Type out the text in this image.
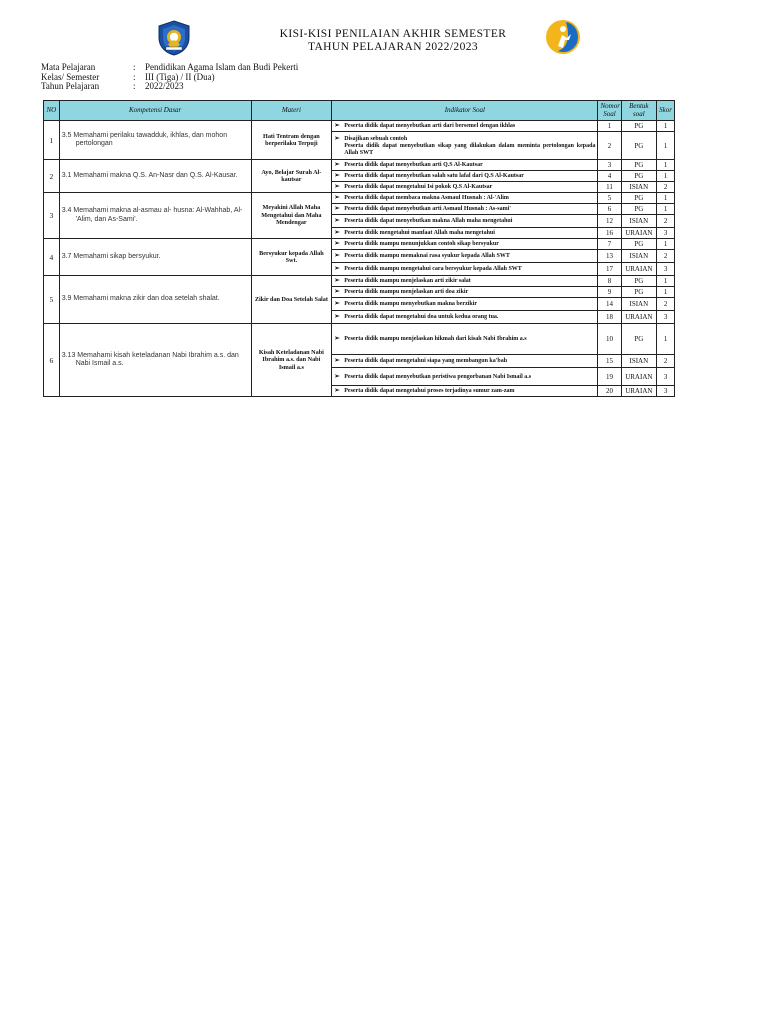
KISI-KISI PENILAIAN AKHIR SEMESTER
TAHUN PELAJARAN 2022/2023
Mata Pelajaran	:	Pendidikan Agama Islam dan Budi Pekerti
Kelas/ Semester	:	III (Tiga) / II (Dua)
Tahun Pelajaran	:	2022/2023
NO	Kompetensi Dasar	Materi	Indikator Soal	Nomor Soal	Bentuk soal	Skor
1	3.5 Memahami perilaku tawadduk, ikhlas, dan mohon pertolongan	Hati Tentram dengan berperilaku Terpuji	➢ Peserta didik dapat menyebutkan arti dari bersemel dengan ikhlas	1	PG	1
			➢ Disajikan sebuah contoh
Peserta didik dapat menyebutkan sikap yang dilakukan dalam meminta pertolongan kepada Allah SWT	2	PG	1
2	3.1 Memahami makna Q.S. An-Nasr dan Q.S. Al-Kausar.	Ayo, Belajar Surah Al-kautsar	➢ Peserta didik dapat menyebutkan arti Q.S Al-Kautsar	3	PG	1
			➢ Peserta didik dapat menyebutkan salah satu lafal dari Q.S Al-Kautsar	4	PG	1
			➢ Peserta didik dapat mengetahui Isi pokok Q.S Al-Kautsar	11	ISIAN	2
3	3.4 Memahami makna al-asmau al- husna: Al-Wahhab, Al-'Alim, dan As-Sami'.	Meyakini Allah Maha Mengetahui dan Maha Mendengar	➢ Peserta didik dapat membaca makna Asmaul Husnah : Al-'Alim	5	PG	1
			➢ Peserta didik dapat menyebutkan arti Asmaul Husnah : As-sami'	6	PG	1
			➢ Peserta didik dapat menyebutkan makna Allah maha mengetahui	12	ISIAN	2
			➢ Peserta didik mengetahui manfaat Allah maha mengetahui	16	URAIAN	3
4	3.7 Memahami sikap bersyukur.	Bersyukur kepada Allah Swt.	➢ Peserta didik mampu menunjukkan contoh sikap bersyukur	7	PG	1
			➢ Peserta didik mampu memaknai rasa syukur kepada Allah SWT	13	ISIAN	2
			➢ Peserta didik mampu mengetahui cara bersyukur kepada Allah SWT	17	URAIAN	3
5	3.9 Memahami makna zikir dan doa setelah shalat.	Zikir dan Doa Setelah Salat	➢ Peserta didik mampu menjelaskan arti zikir salat	8	PG	1
			➢ Peserta didik mampu menjelaskan arti doa zikir	9	PG	1
			➢ Peserta didik mampu menyebutkan makna berzikir	14	ISIAN	2
			➢ Peserta didik dapat mengetahui doa untuk kedua orang tua.	18	URAIAN	3
6	3.13 Memahami kisah keteladanan Nabi Ibrahim a.s. dan Nabi Ismail a.s.	Kisah Keteladanan Nabi Ibrahim a.s. dan Nabi Ismail a.s	➢ Peserta didik mampu menjelaskan hikmah dari kisah Nabi Ibrahim a.s	10	PG	1
			➢ Peserta didik dapat mengetahui siapa yang membangun ka'bah	15	ISIAN	2
			➢ Peserta didik dapat menyebutkan peristiwa pengorbanan Nabi Ismail a.s	19	URAIAN	3
			➢ Peserta didik dapat mengetahui proses terjadinya sumur zam-zam	20	URAIAN	3
